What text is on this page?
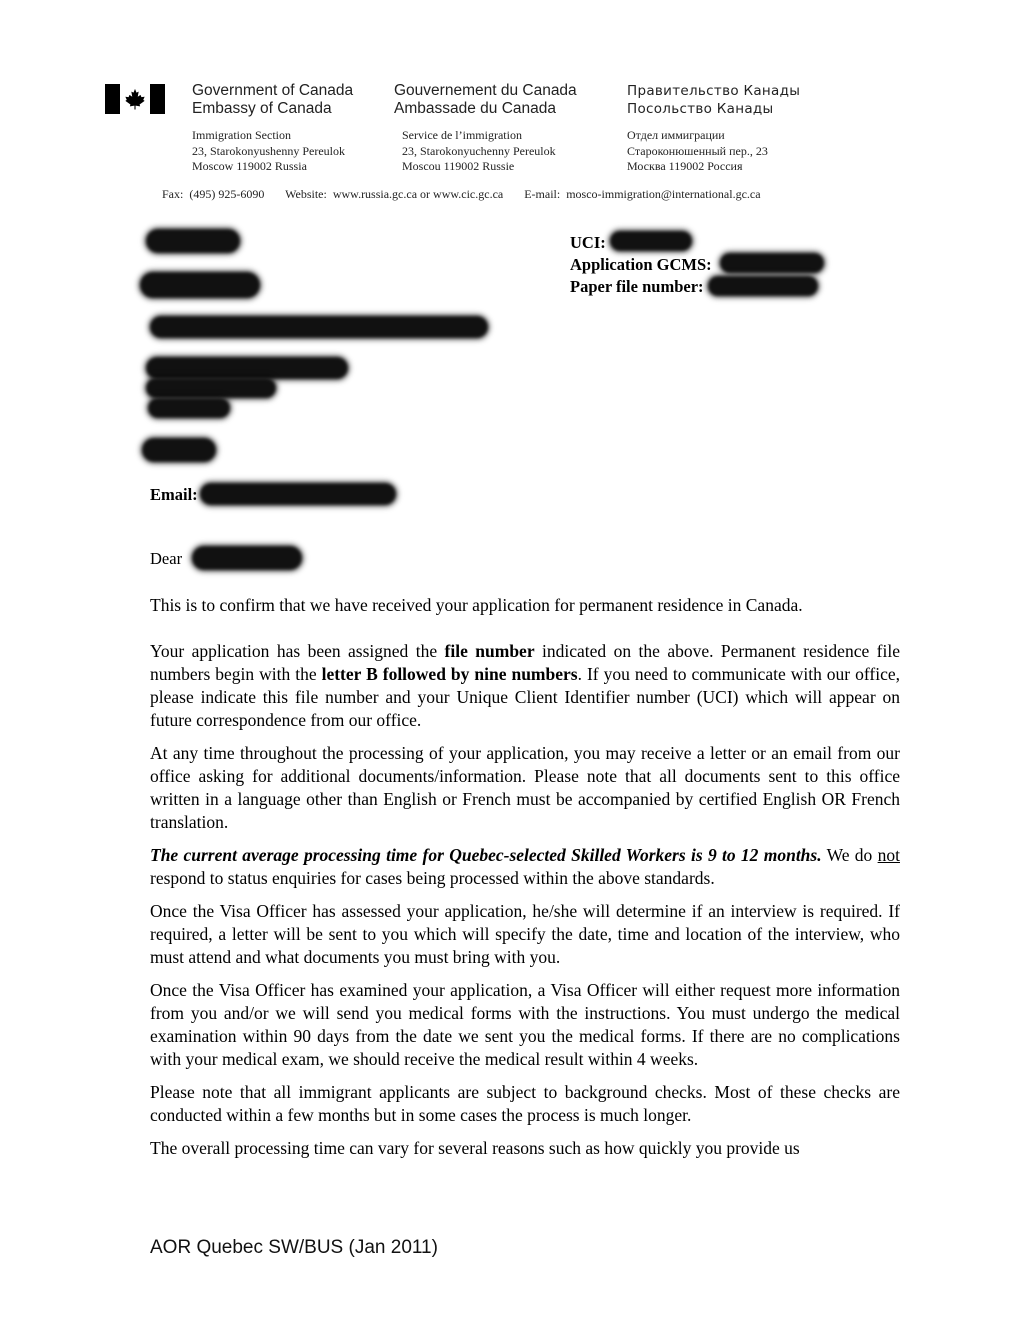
Government of Canada
Embassy of Canada
Immigration Section
23, Starokonyushenny Pereulok
Moscow 119002 Russia
Gouvernement du Canada
Ambassade du Canada
Service de l’immigration
23, Starokonyuchenny Pereulok
Moscou 119002 Russie
Правительство Канады
Посольство Канады
Отдел иммиграции
Староконюшенный пер., 23
Москва 119002 Россия
Fax: (495) 925-6090 Website: www.russia.gc.ca or www.cic.gc.ca E-mail: mosco-immigration@international.gc.ca
UCI:
Application GCMS:
Paper file number:
Email:
Dear

This is to confirm that we have received your application for permanent residence in Canada.

Your application has been assigned the file number indicated on the above. Permanent residence file numbers begin with the letter B followed by nine numbers. If you need to communicate with our office, please indicate this file number and your Unique Client Identifier number (UCI) which will appear on future correspondence from our office.

At any time throughout the processing of your application, you may receive a letter or an email from our office asking for additional documents/information. Please note that all documents sent to this office written in a language other than English or French must be accompanied by certified English OR French translation.

The current average processing time for Quebec-selected Skilled Workers is 9 to 12 months. We do not respond to status enquiries for cases being processed within the above standards.

Once the Visa Officer has assessed your application, he/she will determine if an interview is required. If required, a letter will be sent to you which will specify the date, time and location of the interview, who must attend and what documents you must bring with you.

Once the Visa Officer has examined your application, a Visa Officer will either request more information from you and/or we will send you medical forms with the instructions. You must undergo the medical examination within 90 days from the date we sent you the medical forms. If there are no complications with your medical exam, we should receive the medical result within 4 weeks.

Please note that all immigrant applicants are subject to background checks. Most of these checks are conducted within a few months but in some cases the process is much longer.

The overall processing time can vary for several reasons such as how quickly you provide us

AOR Quebec SW/BUS (Jan 2011)
